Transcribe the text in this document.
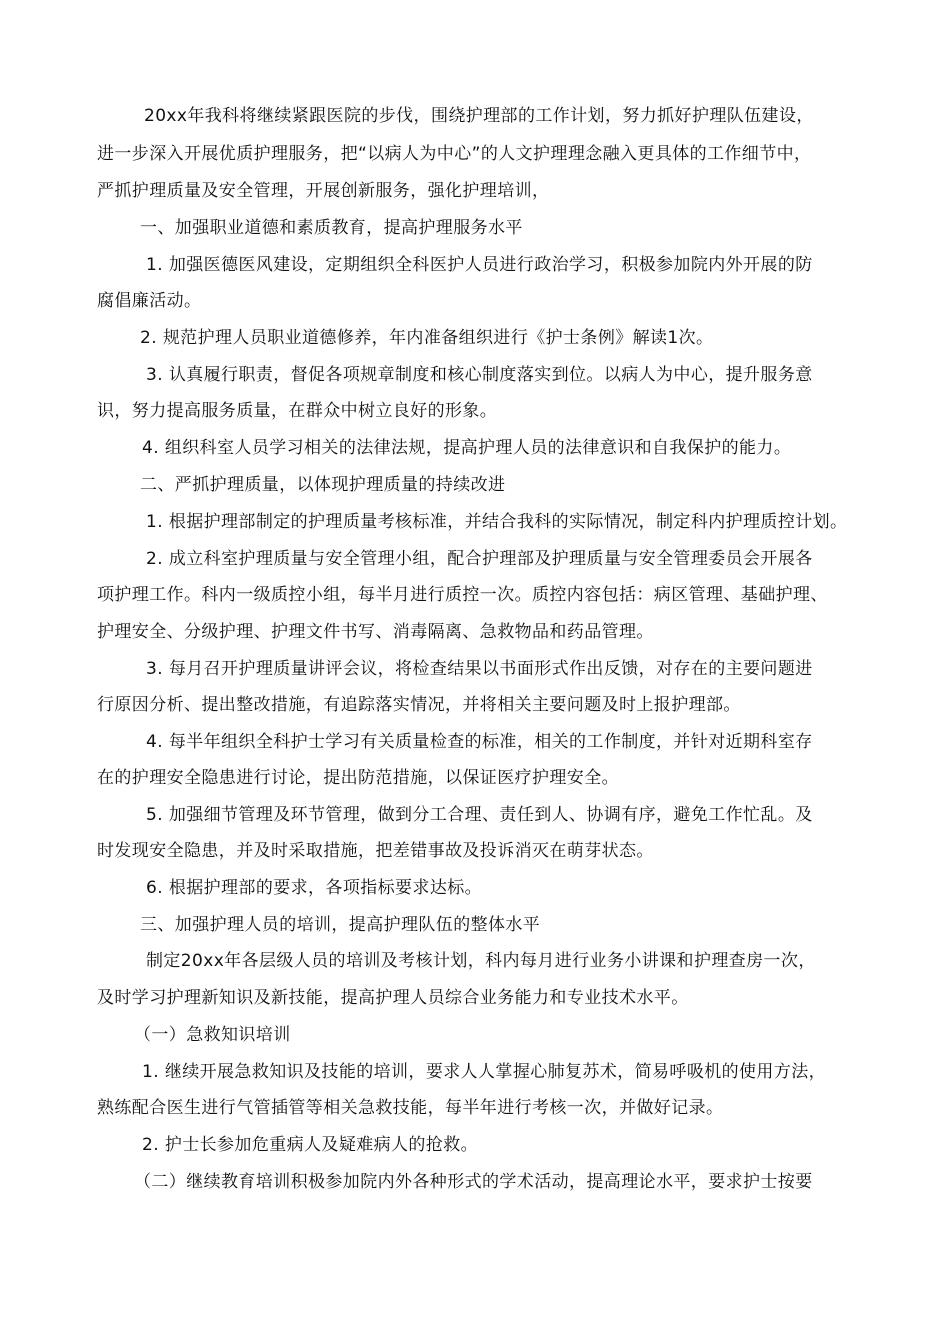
20xx年我科将继续紧跟医院的步伐，围绕护理部的工作计划，努力抓好护理队伍建设，
进一步深入开展优质护理服务，把“以病人为中心”的人文护理理念融入更具体的工作细节中，
严抓护理质量及安全管理，开展创新服务，强化护理培训，
一、加强职业道德和素质教育，提高护理服务水平
1. 加强医德医风建设，定期组织全科医护人员进行政治学习，积极参加院内外开展的防
腐倡廉活动。
2. 规范护理人员职业道德修养，年内准备组织进行《护士条例》解读1次。
3. 认真履行职责，督促各项规章制度和核心制度落实到位。以病人为中心，提升服务意
识，努力提高服务质量，在群众中树立良好的形象。
4. 组织科室人员学习相关的法律法规，提高护理人员的法律意识和自我保护的能力。
二、严抓护理质量，以体现护理质量的持续改进
1. 根据护理部制定的护理质量考核标准，并结合我科的实际情况，制定科内护理质控计划。
2. 成立科室护理质量与安全管理小组，配合护理部及护理质量与安全管理委员会开展各
项护理工作。科内一级质控小组，每半月进行质控一次。质控内容包括：病区管理、基础护理、
护理安全、分级护理、护理文件书写、消毒隔离、急救物品和药品管理。
3. 每月召开护理质量讲评会议，将检查结果以书面形式作出反馈，对存在的主要问题进
行原因分析、提出整改措施，有追踪落实情况，并将相关主要问题及时上报护理部。
4. 每半年组织全科护士学习有关质量检查的标准，相关的工作制度，并针对近期科室存
在的护理安全隐患进行讨论，提出防范措施，以保证医疗护理安全。
5. 加强细节管理及环节管理，做到分工合理、责任到人、协调有序，避免工作忙乱。及
时发现安全隐患，并及时采取措施，把差错事故及投诉消灭在萌芽状态。
6. 根据护理部的要求，各项指标要求达标。
三、加强护理人员的培训，提高护理队伍的整体水平
制定20xx年各层级人员的培训及考核计划，科内每月进行业务小讲课和护理查房一次，
及时学习护理新知识及新技能，提高护理人员综合业务能力和专业技术水平。
（一）急救知识培训
1. 继续开展急救知识及技能的培训，要求人人掌握心肺复苏术，简易呼吸机的使用方法，
熟练配合医生进行气管插管等相关急救技能，每半年进行考核一次，并做好记录。
2. 护士长参加危重病人及疑难病人的抢救。
（二）继续教育培训积极参加院内外各种形式的学术活动，提高理论水平，要求护士按要
